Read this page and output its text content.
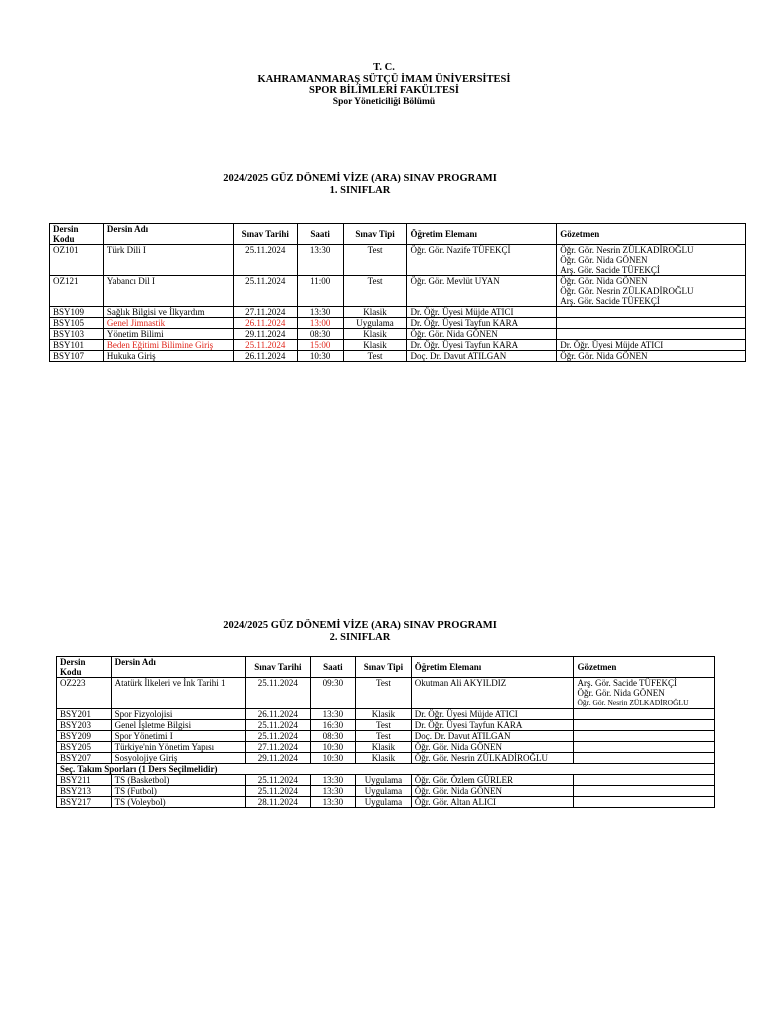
T. C.
KAHRAMANMARAŞ SÜTÇÜ İMAM ÜNİVERSİTESİ
SPOR BİLİMLERİ FAKÜLTESİ
Spor Yöneticiliği Bölümü
2024/2025 GÜZ DÖNEMİ VİZE (ARA) SINAV PROGRAMI
1. SINIFLAR
Dersin
Kodu	Dersin Adı	Sınav Tarihi	Saati	Sınav Tipi	Öğretim Elemanı	Gözetmen
OZ101	Türk Dili I	25.11.2024	13:30	Test	Öğr. Gör. Nazife TÜFEKÇİ	Öğr. Gör. Nesrin ZÜLKADİROĞLU
Öğr. Gör. Nida GÖNEN
Arş. Gör. Sacide TÜFEKÇİ

OZ121	Yabancı Dil I	25.11.2024	11:00	Test	Öğr. Gör. Mevlüt UYAN	Öğr. Gör. Nida GÖNEN
Öğr. Gör. Nesrin ZÜLKADİROĞLU
Arş. Gör. Sacide TÜFEKÇİ

BSY109	Sağlık Bilgisi ve İlkyardım	27.11.2024	13:30	Klasik	Dr. Öğr. Üyesi Müjde ATICI	

BSY105	Genel Jimnastik	26.11.2024	13:00	Uygulama	Dr. Öğr. Üyesi Tayfun KARA	

BSY103	Yönetim Bilimi	29.11.2024	08:30	Klasik	Öğr. Gör. Nida GÖNEN	

BSY101	Beden Eğitimi Bilimine Giriş	25.11.2024	15:00	Klasik	Dr. Öğr. Üyesi Tayfun KARA	Dr. Öğr. Üyesi Müjde ATICI

BSY107	Hukuka Giriş	26.11.2024	10:30	Test	Doç. Dr. Davut ATILGAN	Öğr. Gör. Nida GÖNEN
2024/2025 GÜZ DÖNEMİ VİZE (ARA) SINAV PROGRAMI
2. SINIFLAR
Dersin
Kodu	Dersin Adı	Sınav Tarihi	Saati	Sınav Tipi	Öğretim Elemanı	Gözetmen
OZ223	Atatürk İlkeleri ve İnk Tarihi 1	25.11.2024	09:30	Test	Okutman Ali AKYILDIZ	Arş. Gör. Sacide TÜFEKÇİ
Öğr. Gör. Nida GÖNEN
Öğr. Gör. Nesrin ZÜLKADİROĞLU

BSY201	Spor Fizyolojisi	26.11.2024	13:30	Klasik	Dr. Öğr. Üyesi Müjde ATICI	

BSY203	Genel İşletme Bilgisi	25.11.2024	16:30	Test	Dr. Öğr. Üyesi Tayfun KARA	

BSY209	Spor Yönetimi I	25.11.2024	08:30	Test	Doç. Dr. Davut ATILGAN	

BSY205	Türkiye'nin Yönetim Yapısı	27.11.2024	10:30	Klasik	Öğr. Gör. Nida GÖNEN	

BSY207	Sosyolojiye Giriş	29.11.2024	10:30	Klasik	Öğr. Gör. Nesrin ZÜLKADİROĞLU	

Seç. Takım Sporları (1 Ders Seçilmelidir)						
BSY211	TS (Basketbol)	25.11.2024	13:30	Uygulama	Öğr. Gör. Özlem GÜRLER	

BSY213	TS (Futbol)	25.11.2024	13:30	Uygulama	Öğr. Gör. Nida GÖNEN	

BSY217	TS (Voleybol)	28.11.2024	13:30	Uygulama	Öğr. Gör. Altan ALICI	
